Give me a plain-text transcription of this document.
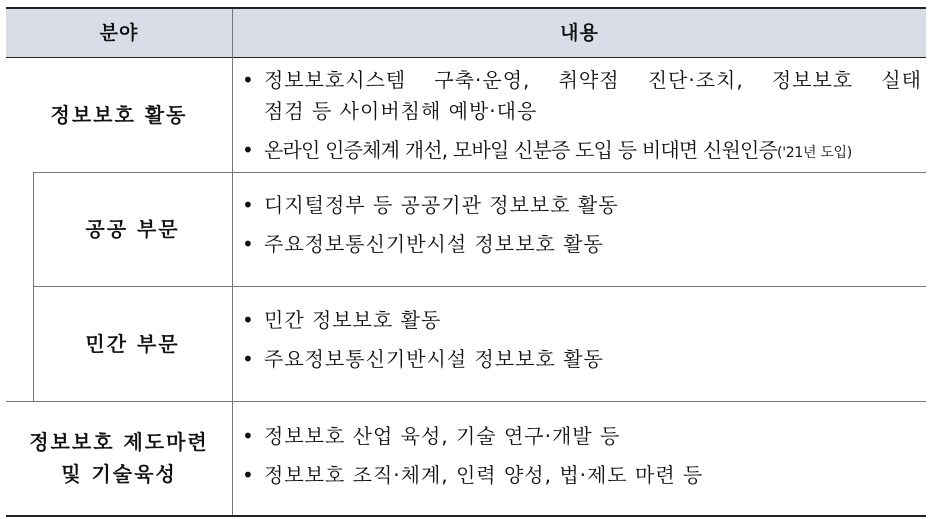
분야	내용
정보보호 활동
• 정보보호시스템 구축·운영, 취약점 진단·조치, 정보보호 실태
점검 등 사이버침해 예방·대응
• 온라인 인증체계 개선, 모바일 신분증 도입 등 비대면 신원인증('21년 도입)
공공 부문
• 디지털정부 등 공공기관 정보보호 활동
• 주요정보통신기반시설 정보보호 활동
민간 부문
• 민간 정보보호 활동
• 주요정보통신기반시설 정보보호 활동
정보보호 제도마련
및 기술육성
• 정보보호 산업 육성, 기술 연구·개발 등
• 정보보호 조직·체계, 인력 양성, 법·제도 마련 등
